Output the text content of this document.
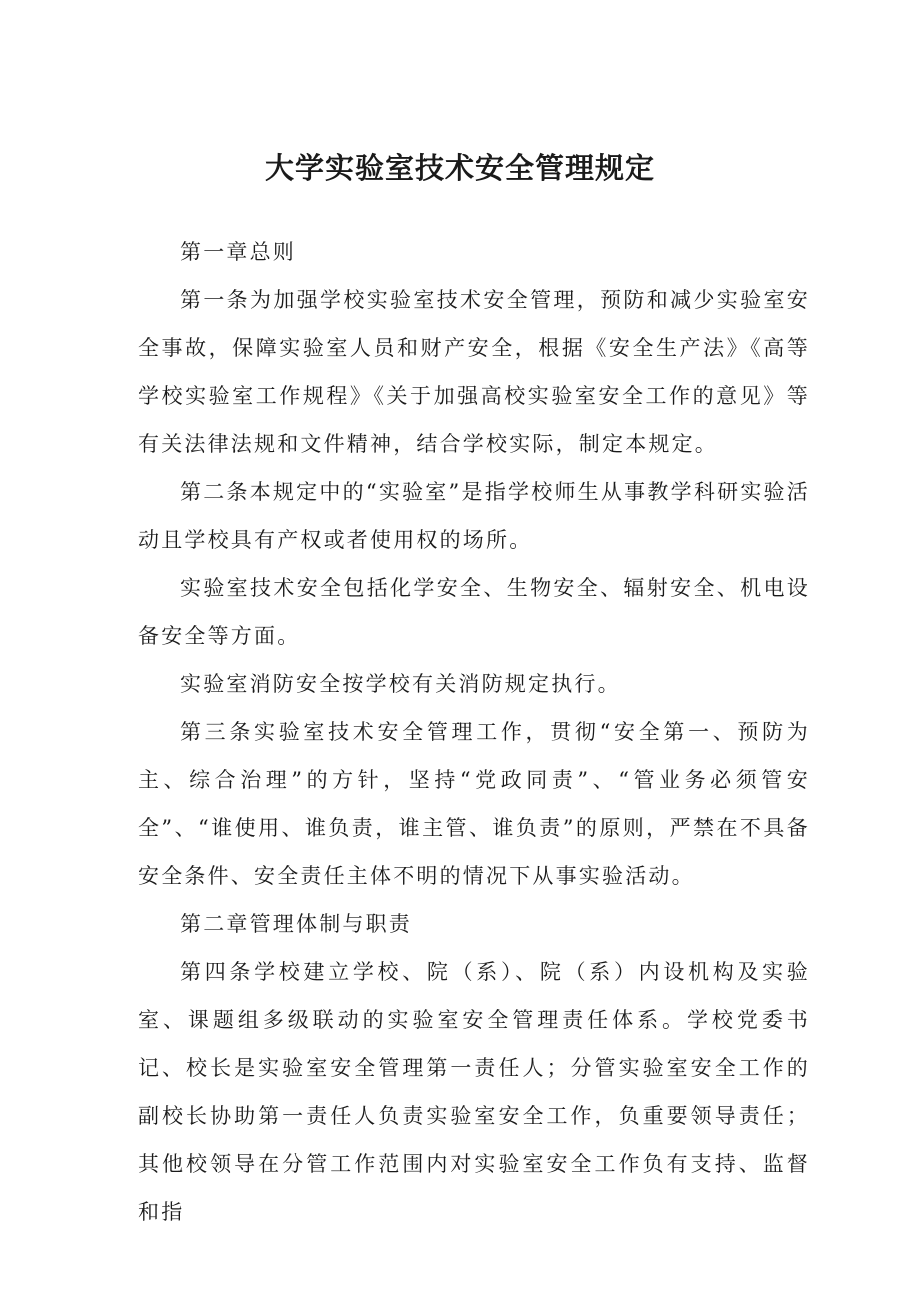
大学实验室技术安全管理规定

第一章总则

第一条为加强学校实验室技术安全管理，预防和减少实验室安全事故，保障实验室人员和财产安全，根据《安全生产法》《高等学校实验室工作规程》《关于加强高校实验室安全工作的意见》等有关法律法规和文件精神，结合学校实际，制定本规定。

第二条本规定中的“实验室”是指学校师生从事教学科研实验活动且学校具有产权或者使用权的场所。

实验室技术安全包括化学安全、生物安全、辐射安全、机电设备安全等方面。

实验室消防安全按学校有关消防规定执行。

第三条实验室技术安全管理工作，贯彻“安全第一、预防为主、综合治理”的方针，坚持“党政同责”、“管业务必须管安全”、“谁使用、谁负责，谁主管、谁负责”的原则，严禁在不具备安全条件、安全责任主体不明的情况下从事实验活动。

第二章管理体制与职责

第四条学校建立学校、院（系）、院（系）内设机构及实验室、课题组多级联动的实验室安全管理责任体系。学校党委书记、校长是实验室安全管理第一责任人；分管实验室安全工作的副校长协助第一责任人负责实验室安全工作，负重要领导责任；其他校领导在分管工作范围内对实验室安全工作负有支持、监督和指
